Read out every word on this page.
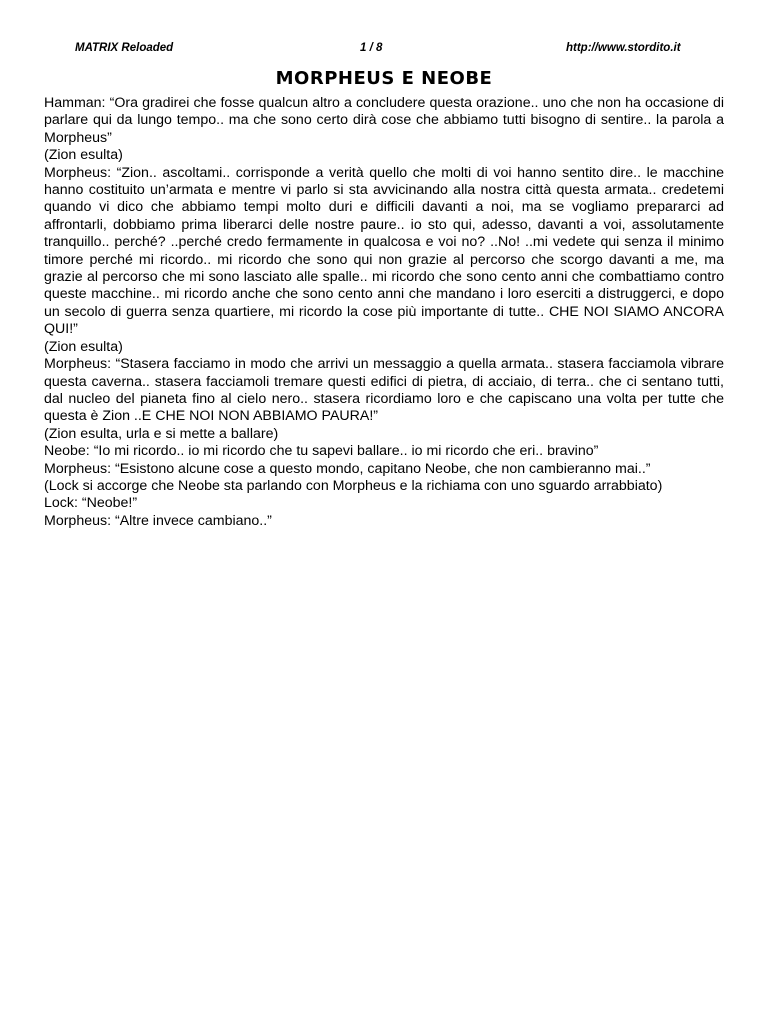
MATRIX Reloaded	1 / 8	http://www.stordito.it
MORPHEUS E NEOBE

Hamman: “Ora gradirei che fosse qualcun altro a concludere questa orazione.. uno che non ha occasione di parlare qui da lungo tempo.. ma che sono certo dirà cose che abbiamo tutti bisogno di sentire.. la parola a Morpheus”

(Zion esulta)

Morpheus: “Zion.. ascoltami.. corrisponde a verità quello che molti di voi hanno sentito dire.. le macchine hanno costituito un’armata e mentre vi parlo si sta avvicinando alla nostra città questa armata.. credetemi quando vi dico che abbiamo tempi molto duri e difficili davanti a noi, ma se vogliamo prepararci ad affrontarli, dobbiamo prima liberarci delle nostre paure.. io sto qui, adesso, davanti a voi, assolutamente tranquillo.. perché? ..perché credo fermamente in qualcosa e voi no? ..No! ..mi vedete qui senza il minimo timore perché mi ricordo.. mi ricordo che sono qui non grazie al percorso che scorgo davanti a me, ma grazie al percorso che mi sono lasciato alle spalle.. mi ricordo che sono cento anni che combattiamo contro queste macchine.. mi ricordo anche che sono cento anni che mandano i loro eserciti a distruggerci, e dopo un secolo di guerra senza quartiere, mi ricordo la cose più importante di tutte.. CHE NOI SIAMO ANCORA QUI!”

(Zion esulta)

Morpheus: “Stasera facciamo in modo che arrivi un messaggio a quella armata.. stasera facciamola vibrare questa caverna.. stasera facciamoli tremare questi edifici di pietra, di acciaio, di terra.. che ci sentano tutti, dal nucleo del pianeta fino al cielo nero.. stasera ricordiamo loro e che capiscano una volta per tutte che questa è Zion ..E CHE NOI NON ABBIAMO PAURA!”

(Zion esulta, urla e si mette a ballare)

Neobe: “Io mi ricordo.. io mi ricordo che tu sapevi ballare.. io mi ricordo che eri.. bravino”

Morpheus: “Esistono alcune cose a questo mondo, capitano Neobe, che non cambieranno mai..”

(Lock si accorge che Neobe sta parlando con Morpheus e la richiama con uno sguardo arrabbiato)

Lock: “Neobe!”

Morpheus: “Altre invece cambiano..”
